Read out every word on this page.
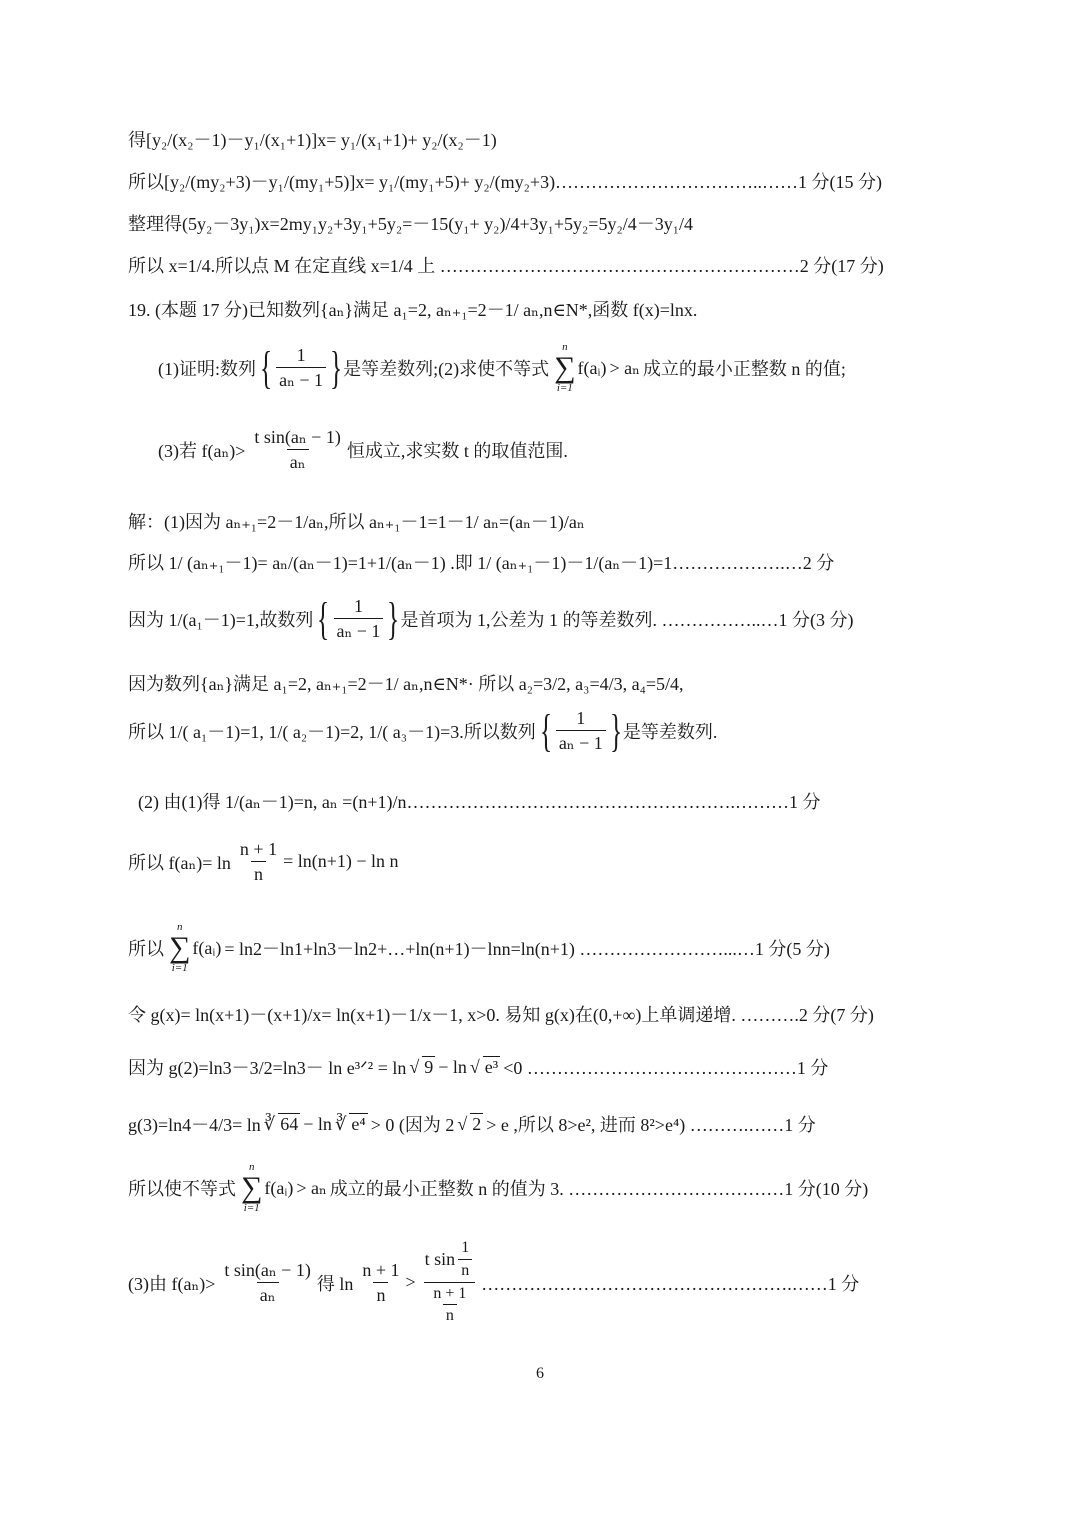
得[y₂/(x₂－1)－y₁/(x₁+1)]x= y₁/(x₁+1)+ y₂/(x₂－1)
所以[y₂/(my₂+3)－y₁/(my₁+5)]x= y₁/(my₁+5)+ y₂/(my₂+3)……………………………..……1 分(15 分)
整理得(5y₂－3y₁)x=2my₁y₂+3y₁+5y₂=－15(y₁+ y₂)/4+3y₁+5y₂=5y₂/4－3y₁/4
所以 x=1/4.所以点 M 在定直线 x=1/4 上 ……………………………………………………2 分(17 分)
19. (本题 17 分)已知数列{aₙ}满足 a₁=2, aₙ₊₁=2－1/ aₙ,n∈N*,函数 f(x)=lnx.
(1)证明:数列 { $\frac{1}{\text{aₙ − 1}}$ } 是等差数列;(2)求使不等式
n
∑
i=1
f(aᵢ) > aₙ 成立的最小正整数 n 的值;
(3)若 $f(a_n)> \frac{\text{t sin(aₙ − 1)}}{\text{aₙ}}$ 恒成立,求实数 t 的取值范围.
解：(1)因为 aₙ₊₁=2－1/aₙ,所以 aₙ₊₁－1=1－1/ aₙ=(aₙ－1)/aₙ
所以 1/ (aₙ₊₁－1)= aₙ/(aₙ－1)=1+1/(aₙ－1) .即 1/ (aₙ₊₁－1)－1/(aₙ－1)=1……………….…2 分
因为 1/(a₁－1)=1,故数列 { $\frac{1}{\text{aₙ − 1}}$ } 是首项为 1,公差为 1 的等差数列. ……………..…1 分(3 分)
因为数列{aₙ}满足 a₁=2, aₙ₊₁=2－1/ aₙ,n∈N*· 所以 a₂=3/2, a₃=4/3, a₄=5/4,
所以 1/( a₁－1)=1, 1/( a₂－1)=2, 1/( a₃－1)=3.所以数列 { $\frac{1}{\text{aₙ − 1}}$ } 是等差数列.
(2) 由(1)得 1/(aₙ－1)=n, aₙ =(n+1)/n……………………………………………….………1 分
所以 $f(a_n)= \ln \frac{n + 1}{n} = \ln(n+1) - \ln n$
所以
n
∑
i=1
f(aᵢ) = ln2－ln1+ln3－ln2+…+ln(n+1)－lnn=ln(n+1) ……………………...…1 分(5 分)
令 g(x)= ln(x+1)－(x+1)/x= ln(x+1)－1/x－1, x>0. 易知 g(x)在(0,+∞)上单调递增. ……….2 分(7 分)
因为 g(2)=ln3－3/2=ln3－ ln e³ᐟ² = ln √ 9 − ln √ e³ <0 ………………………………………1 分
g(3)=ln4－4/3= ln ∛ 64 − ln ∛ e⁴ > 0 (因为 2 √ 2 > e ,所以 8>e², 进而 8²>e⁴) ……….……1 分
所以使不等式
n
∑
i=1
f(aᵢ) > aₙ 成立的最小正整数 n 的值为 3. ………………………………1 分(10 分)
(3)由 $f(a_n)> \frac{\text{t sin(aₙ − 1)}}{\text{aₙ}}$ 得 $\ln \frac{n + 1}{n} > \frac{t \sin \frac{1}{n}}{\frac{n + 1}{n}}$ …………………………………………….……1 分
6
